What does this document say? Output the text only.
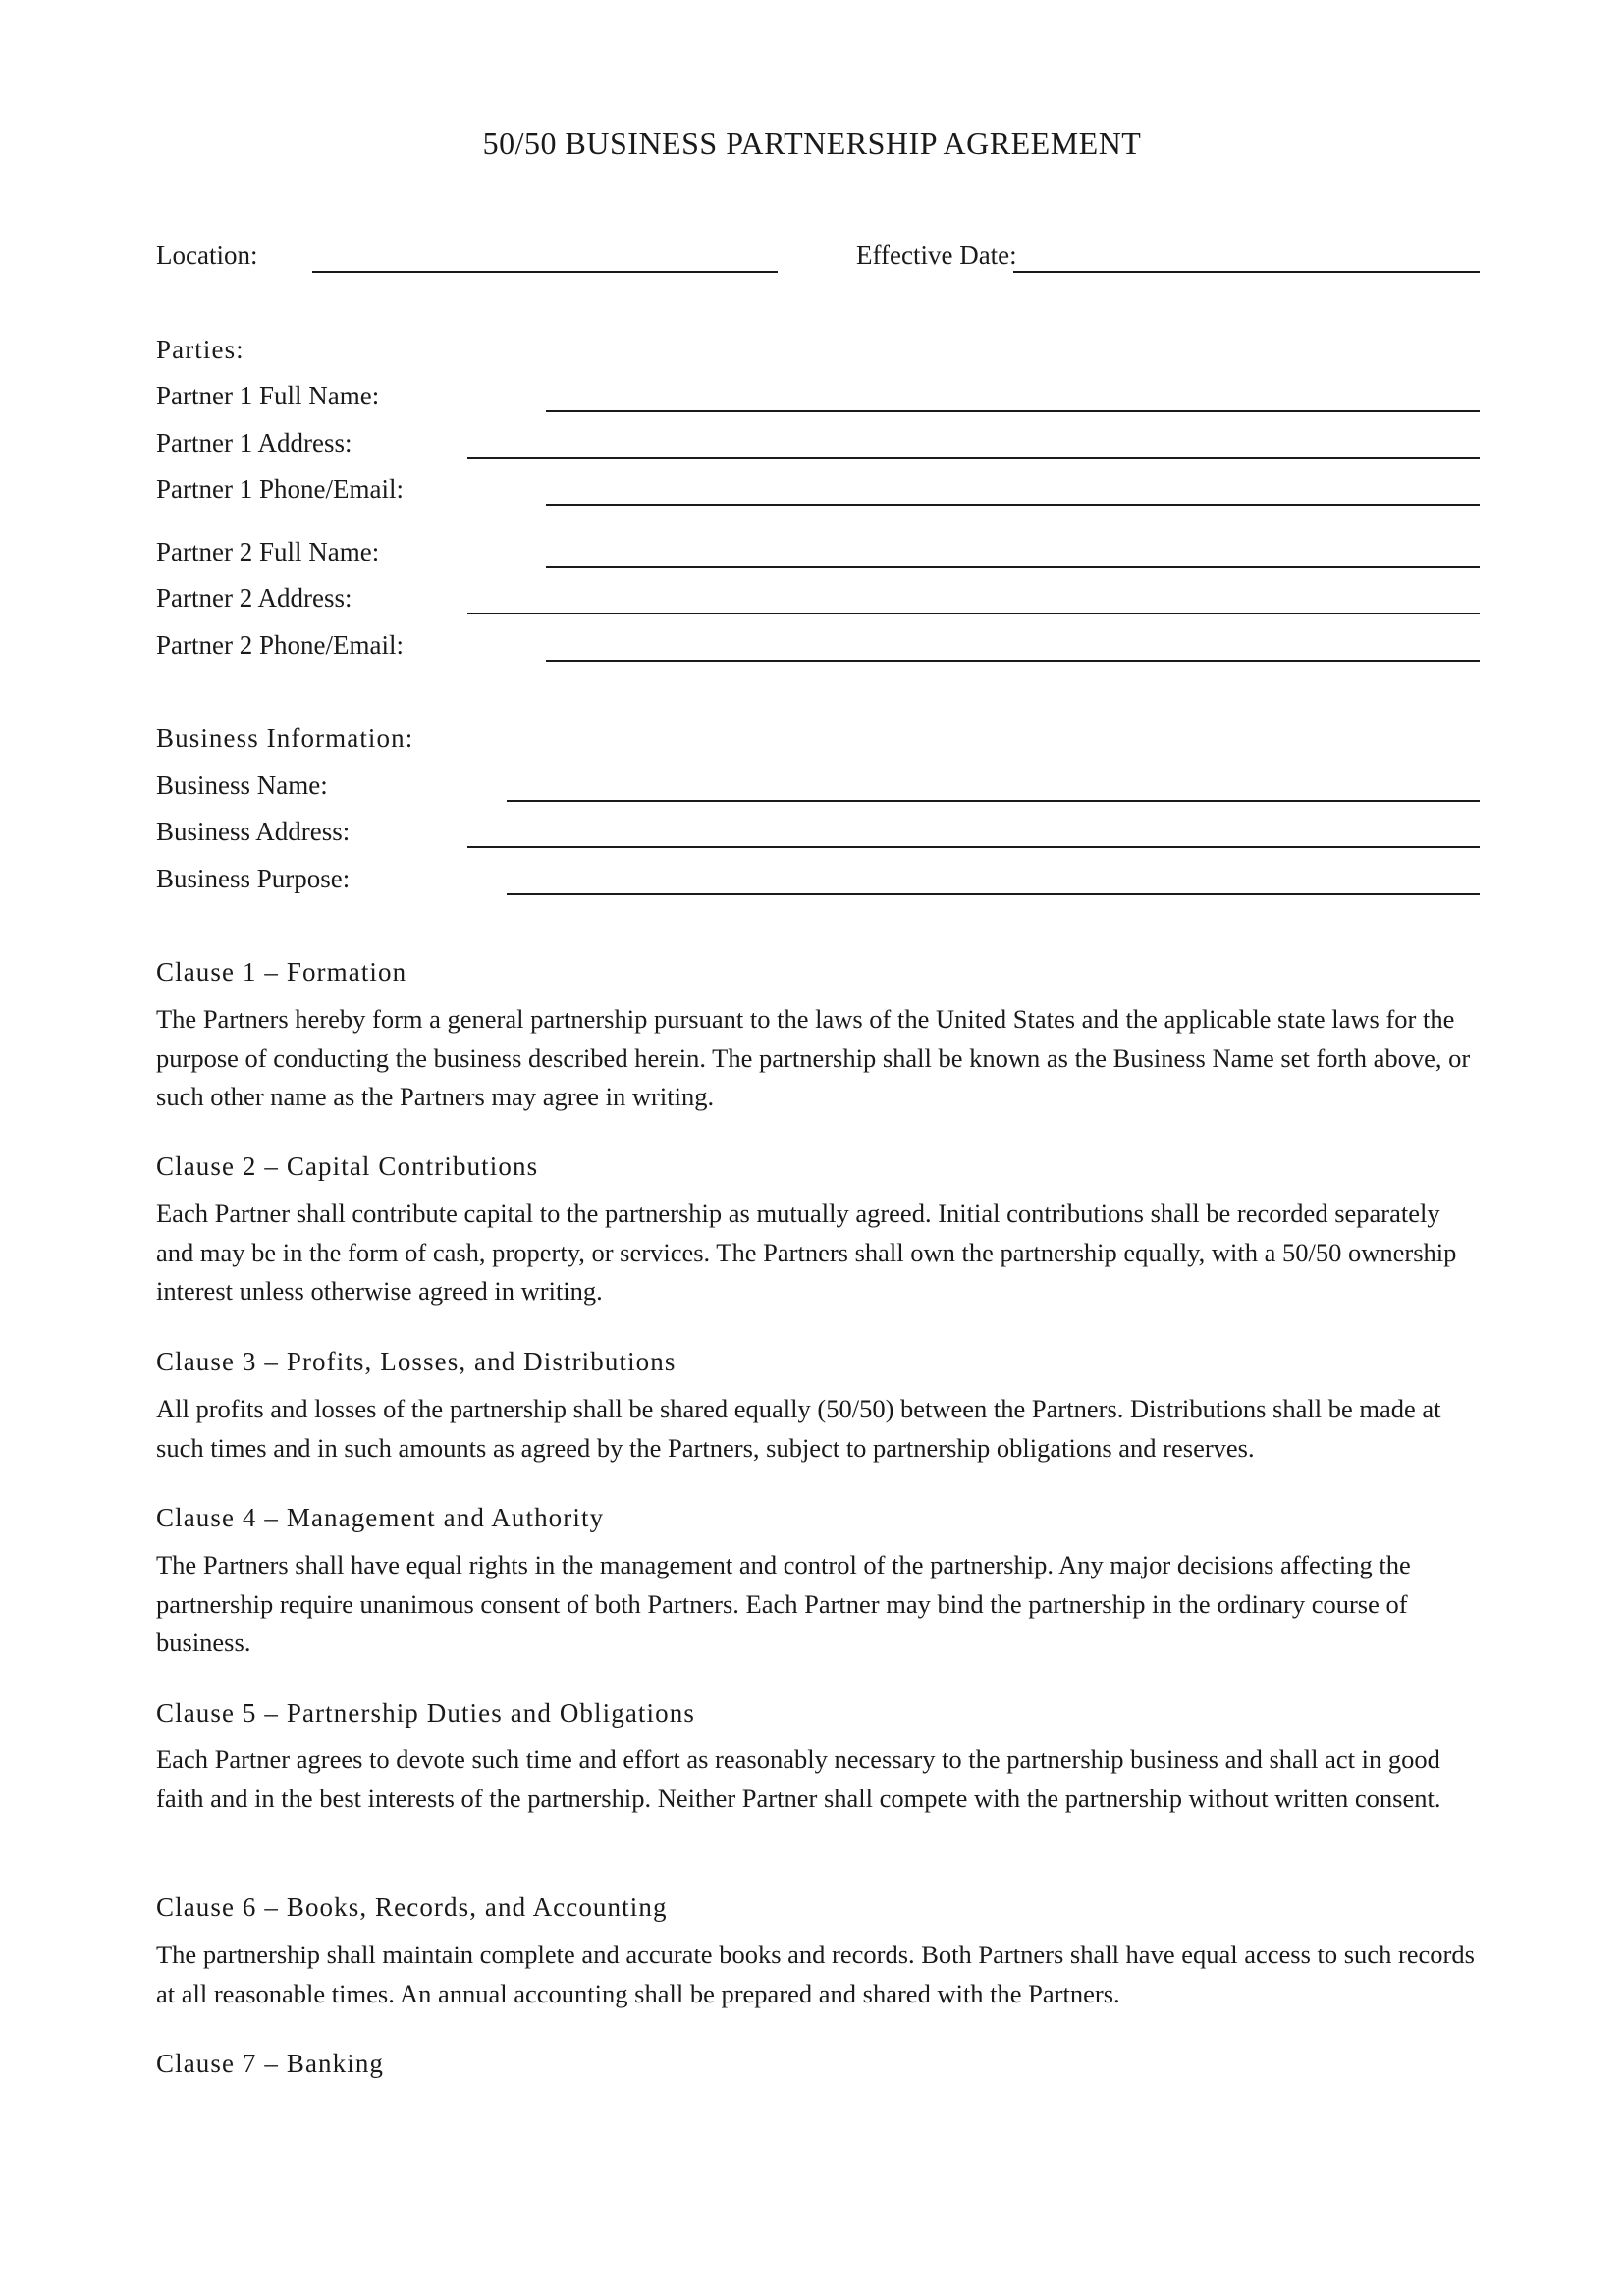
50/50 BUSINESS PARTNERSHIP AGREEMENT
Location:	Effective Date:
Parties:
Partner 1 Full Name:
Partner 1 Address:
Partner 1 Phone/Email:
Partner 2 Full Name:
Partner 2 Address:
Partner 2 Phone/Email:
Business Information:
Business Name:
Business Address:
Business Purpose:
Clause 1 – Formation

The Partners hereby form a general partnership pursuant to the laws of the United States and the applicable state laws for the purpose of conducting the business described herein. The partnership shall be known as the Business Name set forth above, or such other name as the Partners may agree in writing.

Clause 2 – Capital Contributions

Each Partner shall contribute capital to the partnership as mutually agreed. Initial contributions shall be recorded separately and may be in the form of cash, property, or services. The Partners shall own the partnership equally, with a 50/50 ownership interest unless otherwise agreed in writing.

Clause 3 – Profits, Losses, and Distributions

All profits and losses of the partnership shall be shared equally (50/50) between the Partners. Distributions shall be made at such times and in such amounts as agreed by the Partners, subject to partnership obligations and reserves.

Clause 4 – Management and Authority

The Partners shall have equal rights in the management and control of the partnership. Any major decisions affecting the partnership require unanimous consent of both Partners. Each Partner may bind the partnership in the ordinary course of business.

Clause 5 – Partnership Duties and Obligations

Each Partner agrees to devote such time and effort as reasonably necessary to the partnership business and shall act in good faith and in the best interests of the partnership. Neither Partner shall compete with the partnership without written consent.

Clause 6 – Books, Records, and Accounting

The partnership shall maintain complete and accurate books and records. Both Partners shall have equal access to such records at all reasonable times. An annual accounting shall be prepared and shared with the Partners.

Clause 7 – Banking
